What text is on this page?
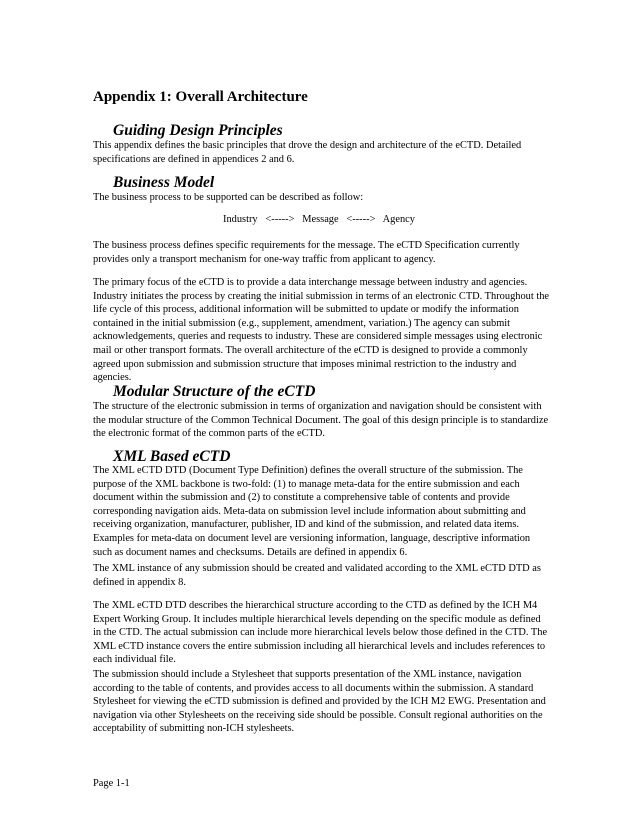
Appendix 1: Overall Architecture
Guiding Design Principles

This appendix defines the basic principles that drove the design and architecture of the eCTD. Detailed specifications are defined in appendices 2 and 6.

Business Model

The business process to be supported can be described as follow:

Industry <-----> Message <-----> Agency

The business process defines specific requirements for the message. The eCTD Specification currently provides only a transport mechanism for one-way traffic from applicant to agency.

The primary focus of the eCTD is to provide a data interchange message between industry and agencies. Industry initiates the process by creating the initial submission in terms of an electronic CTD. Throughout the life cycle of this process, additional information will be submitted to update or modify the information contained in the initial submission (e.g., supplement, amendment, variation.) The agency can submit acknowledgements, queries and requests to industry. These are considered simple messages using electronic mail or other transport formats. The overall architecture of the eCTD is designed to provide a commonly agreed upon submission and submission structure that imposes minimal restriction to the industry and agencies.

Modular Structure of the eCTD

The structure of the electronic submission in terms of organization and navigation should be consistent with the modular structure of the Common Technical Document. The goal of this design principle is to standardize the electronic format of the common parts of the eCTD.

XML Based eCTD

The XML eCTD DTD (Document Type Definition) defines the overall structure of the submission. The purpose of the XML backbone is two-fold: (1) to manage meta-data for the entire submission and each document within the submission and (2) to constitute a comprehensive table of contents and provide corresponding navigation aids. Meta-data on submission level include information about submitting and receiving organization, manufacturer, publisher, ID and kind of the submission, and related data items. Examples for meta-data on document level are versioning information, language, descriptive information such as document names and checksums. Details are defined in appendix 6.

The XML instance of any submission should be created and validated according to the XML eCTD DTD as defined in appendix 8.

The XML eCTD DTD describes the hierarchical structure according to the CTD as defined by the ICH M4 Expert Working Group. It includes multiple hierarchical levels depending on the specific module as defined in the CTD. The actual submission can include more hierarchical levels below those defined in the CTD. The XML eCTD instance covers the entire submission including all hierarchical levels and includes references to each individual file.

The submission should include a Stylesheet that supports presentation of the XML instance, navigation according to the table of contents, and provides access to all documents within the submission. A standard Stylesheet for viewing the eCTD submission is defined and provided by the ICH M2 EWG. Presentation and navigation via other Stylesheets on the receiving side should be possible. Consult regional authorities on the acceptability of submitting non-ICH stylesheets.

Page 1-1
